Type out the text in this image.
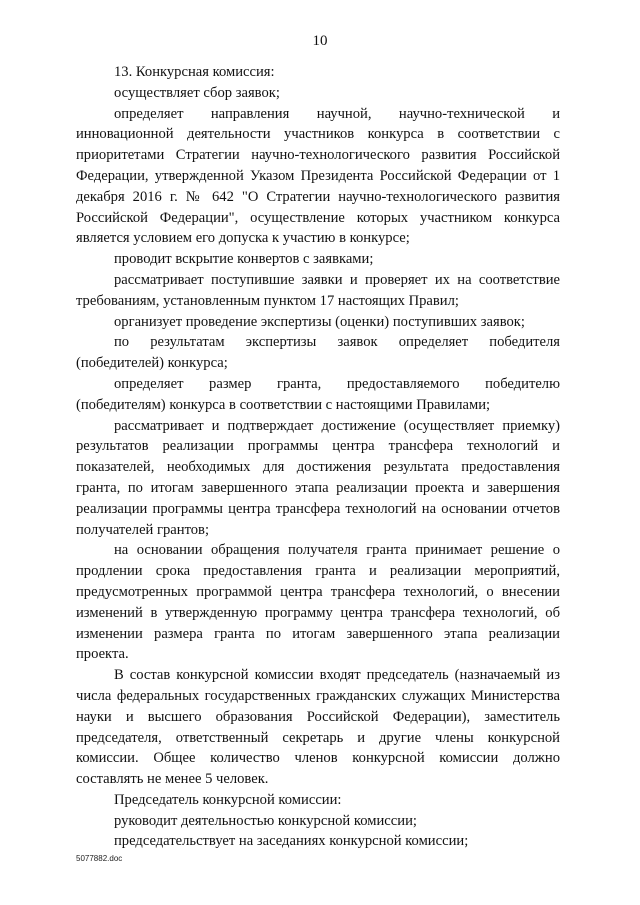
10

13. Конкурсная комиссия:

осуществляет сбор заявок;

определяет направления научной, научно-технической и инновационной деятельности участников конкурса в соответствии с приоритетами Стратегии научно-технологического развития Российской Федерации, утвержденной Указом Президента Российской Федерации от 1 декабря 2016 г. № 642 "О Стратегии научно-технологического развития Российской Федерации", осуществление которых участником конкурса является условием его допуска к участию в конкурсе;

проводит вскрытие конвертов с заявками;

рассматривает поступившие заявки и проверяет их на соответствие требованиям, установленным пунктом 17 настоящих Правил;

организует проведение экспертизы (оценки) поступивших заявок;

по результатам экспертизы заявок определяет победителя (победителей) конкурса;

определяет размер гранта, предоставляемого победителю (победителям) конкурса в соответствии с настоящими Правилами;

рассматривает и подтверждает достижение (осуществляет приемку) результатов реализации программы центра трансфера технологий и показателей, необходимых для достижения результата предоставления гранта, по итогам завершенного этапа реализации проекта и завершения реализации программы центра трансфера технологий на основании отчетов получателей грантов;

на основании обращения получателя гранта принимает решение о продлении срока предоставления гранта и реализации мероприятий, предусмотренных программой центра трансфера технологий, о внесении изменений в утвержденную программу центра трансфера технологий, об изменении размера гранта по итогам завершенного этапа реализации проекта.

В состав конкурсной комиссии входят председатель (назначаемый из числа федеральных государственных гражданских служащих Министерства науки и высшего образования Российской Федерации), заместитель председателя, ответственный секретарь и другие члены конкурсной комиссии. Общее количество членов конкурсной комиссии должно составлять не менее 5 человек.

Председатель конкурсной комиссии:

руководит деятельностью конкурсной комиссии;

председательствует на заседаниях конкурсной комиссии;

5077882.doc
